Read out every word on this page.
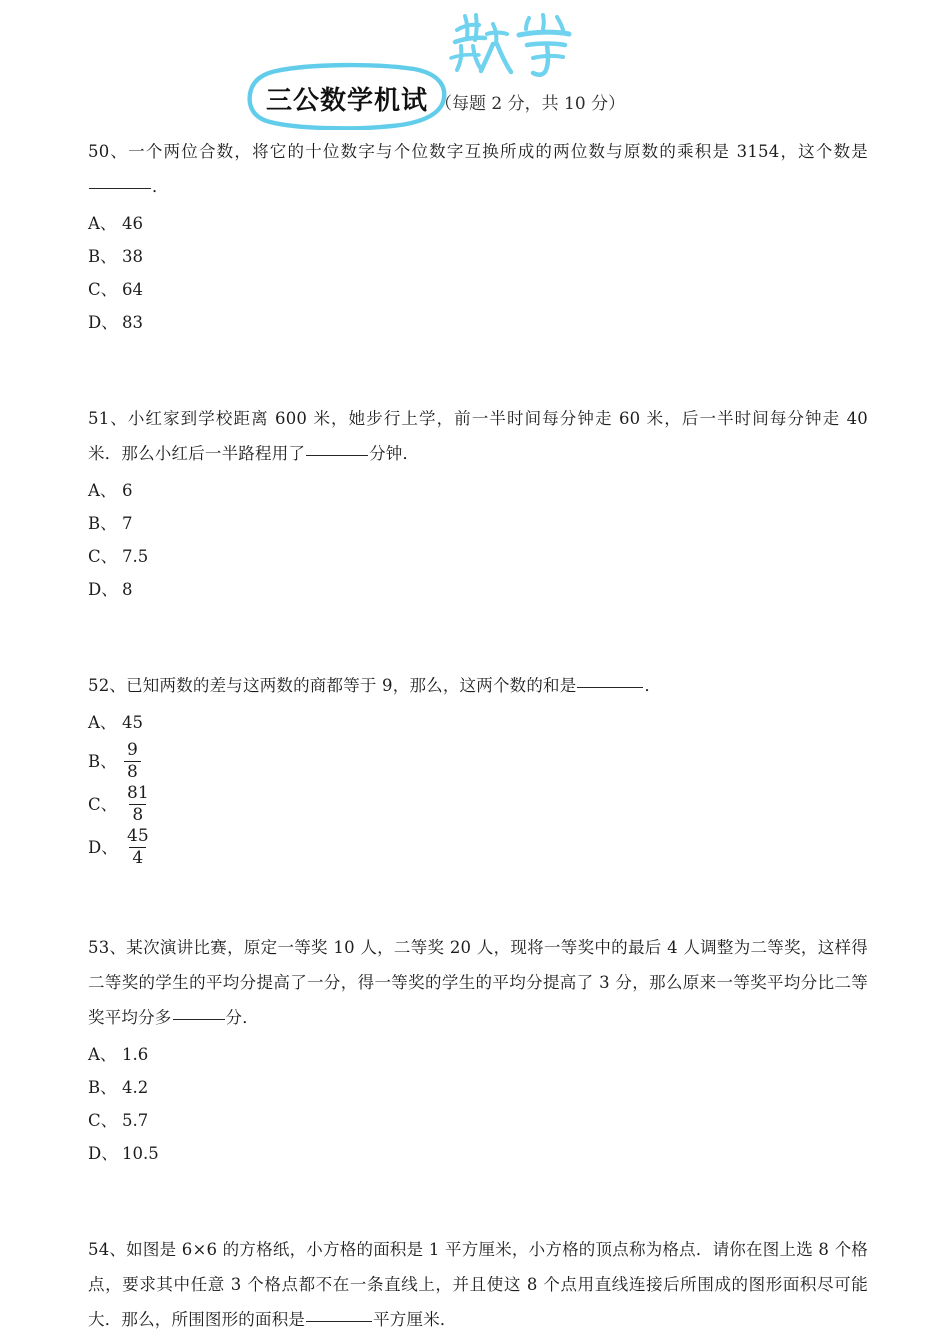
三公数学机试 （每题 2 分，共 10 分）
50、一个两位合数，将它的十位数字与个位数字互换所成的两位数与原数的乘积是 3154，这个数是．
A、 46
B、 38
C、 64
D、 83
51、小红家到学校距离 600 米，她步行上学，前一半时间每分钟走 60 米，后一半时间每分钟走 40 米．那么小红后一半路程用了	分钟．
A、 6
B、 7
C、 7.5
D、 8
52、已知两数的差与这两数的商都等于 9，那么，这两个数的和是	．
A、 45
B、 $\frac{9}{8}$
C、 $\frac{81}{8}$
D、 $\frac{45}{4}$
53、某次演讲比赛，原定一等奖 10 人，二等奖 20 人，现将一等奖中的最后 4 人调整为二等奖，这样得二等奖的学生的平均分提高了一分，得一等奖的学生的平均分提高了 3 分，那么原来一等奖平均分比二等奖平均分多	分．
A、 1.6
B、 4.2
C、 5.7
D、 10.5
54、如图是 6×6 的方格纸，小方格的面积是 1 平方厘米，小方格的顶点称为格点．请你在图上选 8 个格点，要求其中任意 3 个格点都不在一条直线上，并且使这 8 个点用直线连接后所围成的图形面积尽可能大．那么，所围图形的面积是	平方厘米．
